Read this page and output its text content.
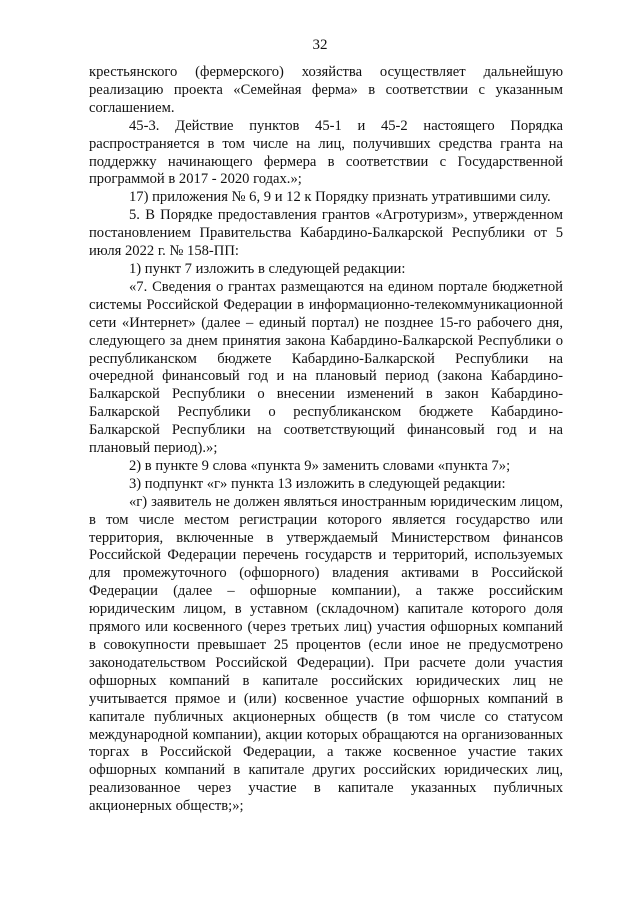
32

крестьянского (фермерского) хозяйства осуществляет дальнейшую реализацию проекта «Семейная ферма» в соответствии с указанным соглашением.

45-3. Действие пунктов 45-1 и 45-2 настоящего Порядка распространяется в том числе на лиц, получивших средства гранта на поддержку начинающего фермера в соответствии с Государственной программой в 2017 - 2020 годах.»;

17) приложения № 6, 9 и 12 к Порядку признать утратившими силу.

5. В Порядке предоставления грантов «Агротуризм», утвержденном постановлением Правительства Кабардино-Балкарской Республики от 5 июля 2022 г. № 158-ПП:

1) пункт 7 изложить в следующей редакции:

«7. Сведения о грантах размещаются на едином портале бюджетной системы Российской Федерации в информационно-телекоммуникационной сети «Интернет» (далее – единый портал) не позднее 15-го рабочего дня, следующего за днем принятия закона Кабардино-Балкарской Республики о республиканском бюджете Кабардино-Балкарской Республики на очередной финансовый год и на плановый период (закона Кабардино-Балкарской Республики о внесении изменений в закон Кабардино-Балкарской Республики о республиканском бюджете Кабардино-Балкарской Республики на соответствующий финансовый год и на плановый период).»;

2) в пункте 9 слова «пункта 9» заменить словами «пункта 7»;

3) подпункт «г» пункта 13 изложить в следующей редакции:

«г) заявитель не должен являться иностранным юридическим лицом, в том числе местом регистрации которого является государство или территория, включенные в утверждаемый Министерством финансов Российской Федерации перечень государств и территорий, используемых для промежуточного (офшорного) владения активами в Российской Федерации (далее – офшорные компании), а также российским юридическим лицом, в уставном (складочном) капитале которого доля прямого или косвенного (через третьих лиц) участия офшорных компаний в совокупности превышает 25 процентов (если иное не предусмотрено законодательством Российской Федерации). При расчете доли участия офшорных компаний в капитале российских юридических лиц не учитывается прямое и (или) косвенное участие офшорных компаний в капитале публичных акционерных обществ (в том числе со статусом международной компании), акции которых обращаются на организованных торгах в Российской Федерации, а также косвенное участие таких офшорных компаний в капитале других российских юридических лиц, реализованное через участие в капитале указанных публичных акционерных обществ;»;
